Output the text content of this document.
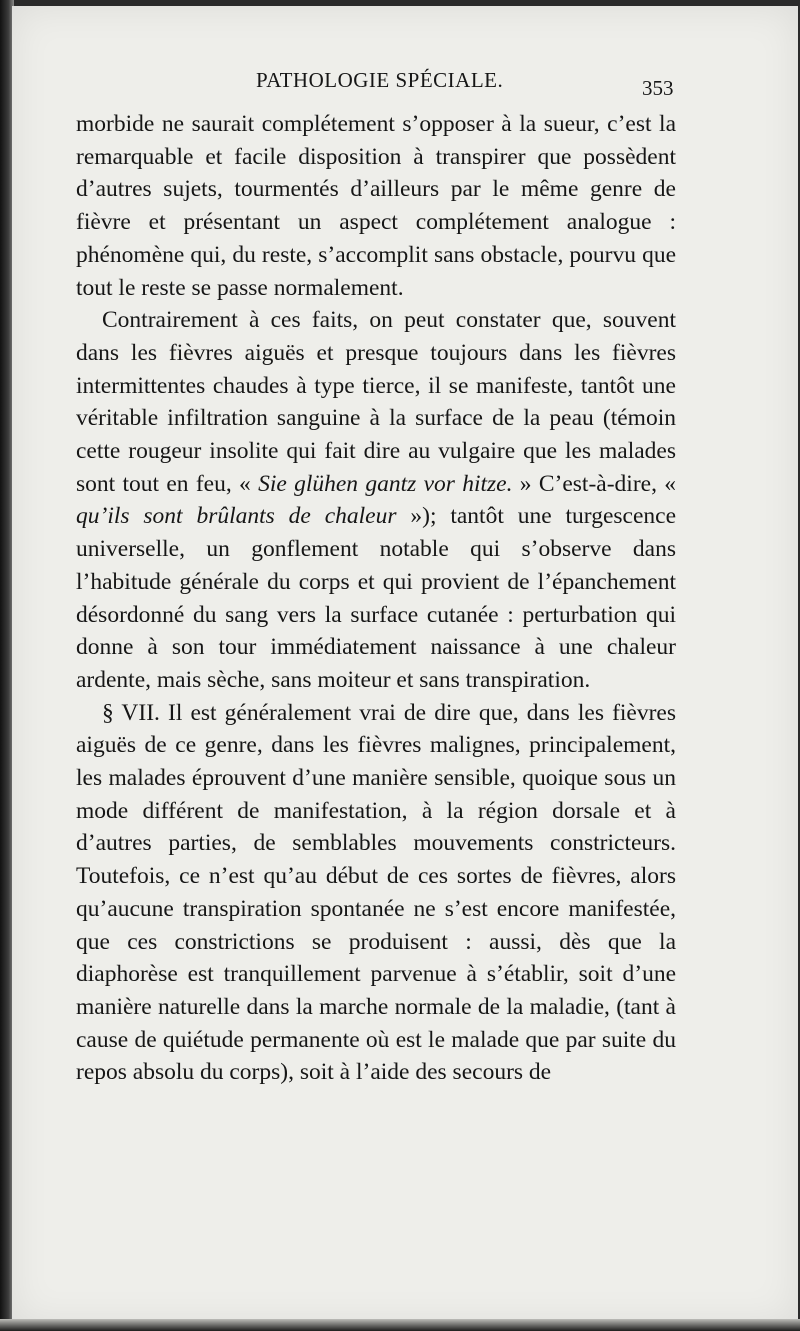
PATHOLOGIE SPÉCIALE.	353

morbide ne saurait complétement s’opposer à la sueur, c’est la remarquable et facile disposition à transpirer que possèdent d’autres sujets, tourmentés d’ailleurs par le même genre de fièvre et présentant un aspect complétement analogue : phénomène qui, du reste, s’accomplit sans obstacle, pourvu que tout le reste se passe normalement.

Contrairement à ces faits, on peut constater que, souvent dans les fièvres aiguës et presque toujours dans les fièvres intermittentes chaudes à type tierce, il se manifeste, tantôt une véritable infiltration sanguine à la surface de la peau (témoin cette rougeur insolite qui fait dire au vulgaire que les malades sont tout en feu, « Sie glühen gantz vor hitze. » C’est-à-dire, « qu’ils sont brûlants de chaleur »); tantôt une turgescence universelle, un gonflement notable qui s’observe dans l’habitude générale du corps et qui provient de l’épanchement désordonné du sang vers la surface cutanée : perturbation qui donne à son tour immédiatement naissance à une chaleur ardente, mais sèche, sans moiteur et sans transpiration.

§ VII. Il est généralement vrai de dire que, dans les fièvres aiguës de ce genre, dans les fièvres malignes, principalement, les malades éprouvent d’une manière sensible, quoique sous un mode différent de manifestation, à la région dorsale et à d’autres parties, de semblables mouvements constricteurs. Toutefois, ce n’est qu’au début de ces sortes de fièvres, alors qu’aucune transpiration spontanée ne s’est encore manifestée, que ces constrictions se produisent : aussi, dès que la diaphorèse est tranquillement parvenue à s’établir, soit d’une manière naturelle dans la marche normale de la maladie, (tant à cause de quiétude permanente où est le malade que par suite du repos absolu du corps), soit à l’aide des secours de
